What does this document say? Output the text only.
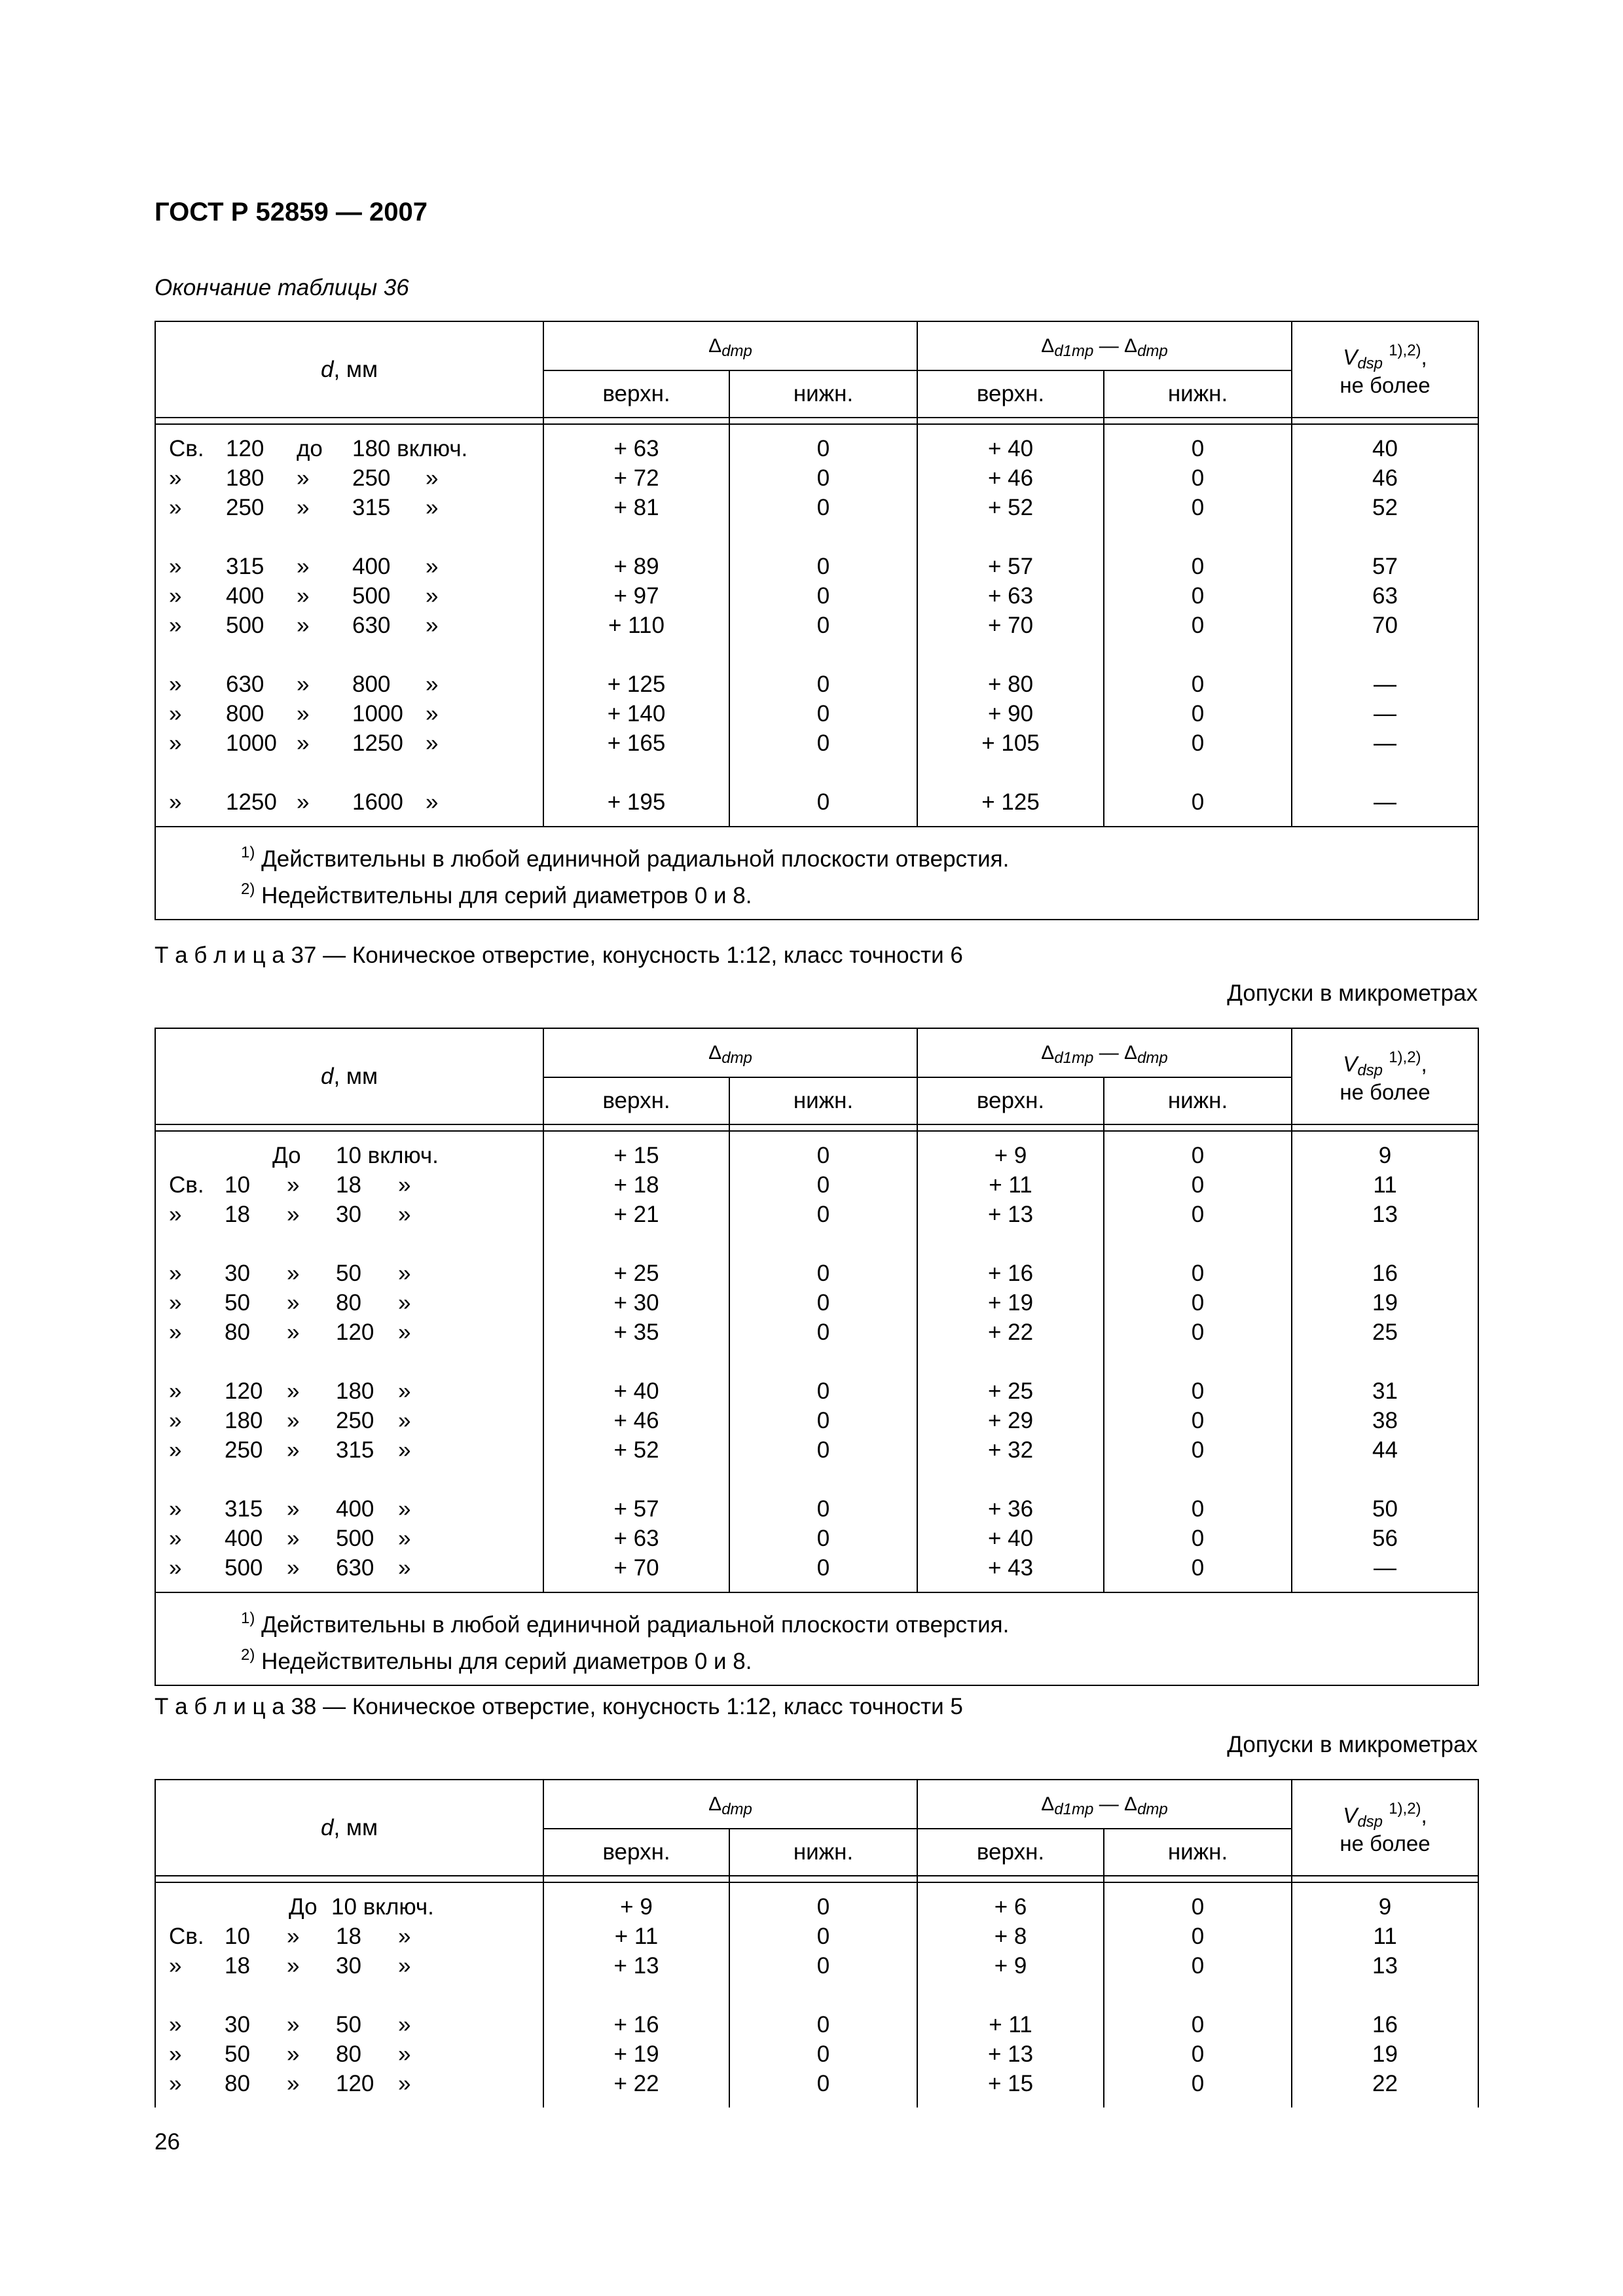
ГОСТ Р 52859 — 2007
Окончание таблицы 36
d, мм	$\Delta_{dmp}$		$\Delta_{d1mp}$ — $\Delta_{dmp}$		$V_{dsp}$ $^{1),2)}$,
не более

	верхн.	нижн.	верхн.	нижн.	

Св. 120 до 180 включ.	+ 63	0	+ 40	0	40

» 180 » 250 »	+ 72	0	+ 46	0	46

» 250 » 315 »	+ 81	0	+ 52	0	52

» 315 » 400 »	+ 89	0	+ 57	0	57

» 400 » 500 »	+ 97	0	+ 63	0	63

» 500 » 630 »	+ 110	0	+ 70	0	70

» 630 » 800 »	+ 125	0	+ 80	0	—

» 800 » 1000 »	+ 140	0	+ 90	0	—

» 1000 » 1250 »	+ 165	0	+ 105	0	—

» 1250 » 1600 »	+ 195	0	+ 125	0	—

$^{1)}$ Действительны в любой единичной радиальной плоскости отверстия.
$^{2)}$ Недействительны для серий диаметров 0 и 8.					
Т а б л и ц а 37 — Коническое отверстие, конусность 1:12, класс точности 6
Допуски в микрометрах
d, мм	$\Delta_{dmp}$		$\Delta_{d1mp}$ — $\Delta_{dmp}$		$V_{dsp}$ $^{1),2)}$,
не более

	верхн.	нижн.	верхн.	нижн.	

До 10 включ.	+ 15	0	+ 9	0	9

Св. 10 » 18 »	+ 18	0	+ 11	0	11

» 18 » 30 »	+ 21	0	+ 13	0	13

» 30 » 50 »	+ 25	0	+ 16	0	16

» 50 » 80 »	+ 30	0	+ 19	0	19

» 80 » 120 »	+ 35	0	+ 22	0	25

» 120 » 180 »	+ 40	0	+ 25	0	31

» 180 » 250 »	+ 46	0	+ 29	0	38

» 250 » 315 »	+ 52	0	+ 32	0	44

» 315 » 400 »	+ 57	0	+ 36	0	50

» 400 » 500 »	+ 63	0	+ 40	0	56

» 500 » 630 »	+ 70	0	+ 43	0	—

$^{1)}$ Действительны в любой единичной радиальной плоскости отверстия.
$^{2)}$ Недействительны для серий диаметров 0 и 8.					
Т а б л и ц а 38 — Коническое отверстие, конусность 1:12, класс точности 5
Допуски в микрометрах
d, мм	$\Delta_{dmp}$		$\Delta_{d1mp}$ — $\Delta_{dmp}$		$V_{dsp}$ $^{1),2)}$,
не более

	верхн.	нижн.	верхн.	нижн.	

До 10 включ.	+ 9	0	+ 6	0	9

Св. 10 » 18 »	+ 11	0	+ 8	0	11

» 18 » 30 »	+ 13	0	+ 9	0	13

» 30 » 50 »	+ 16	0	+ 11	0	16

» 50 » 80 »	+ 19	0	+ 13	0	19

» 80 » 120 »	+ 22	0	+ 15	0	22

26
